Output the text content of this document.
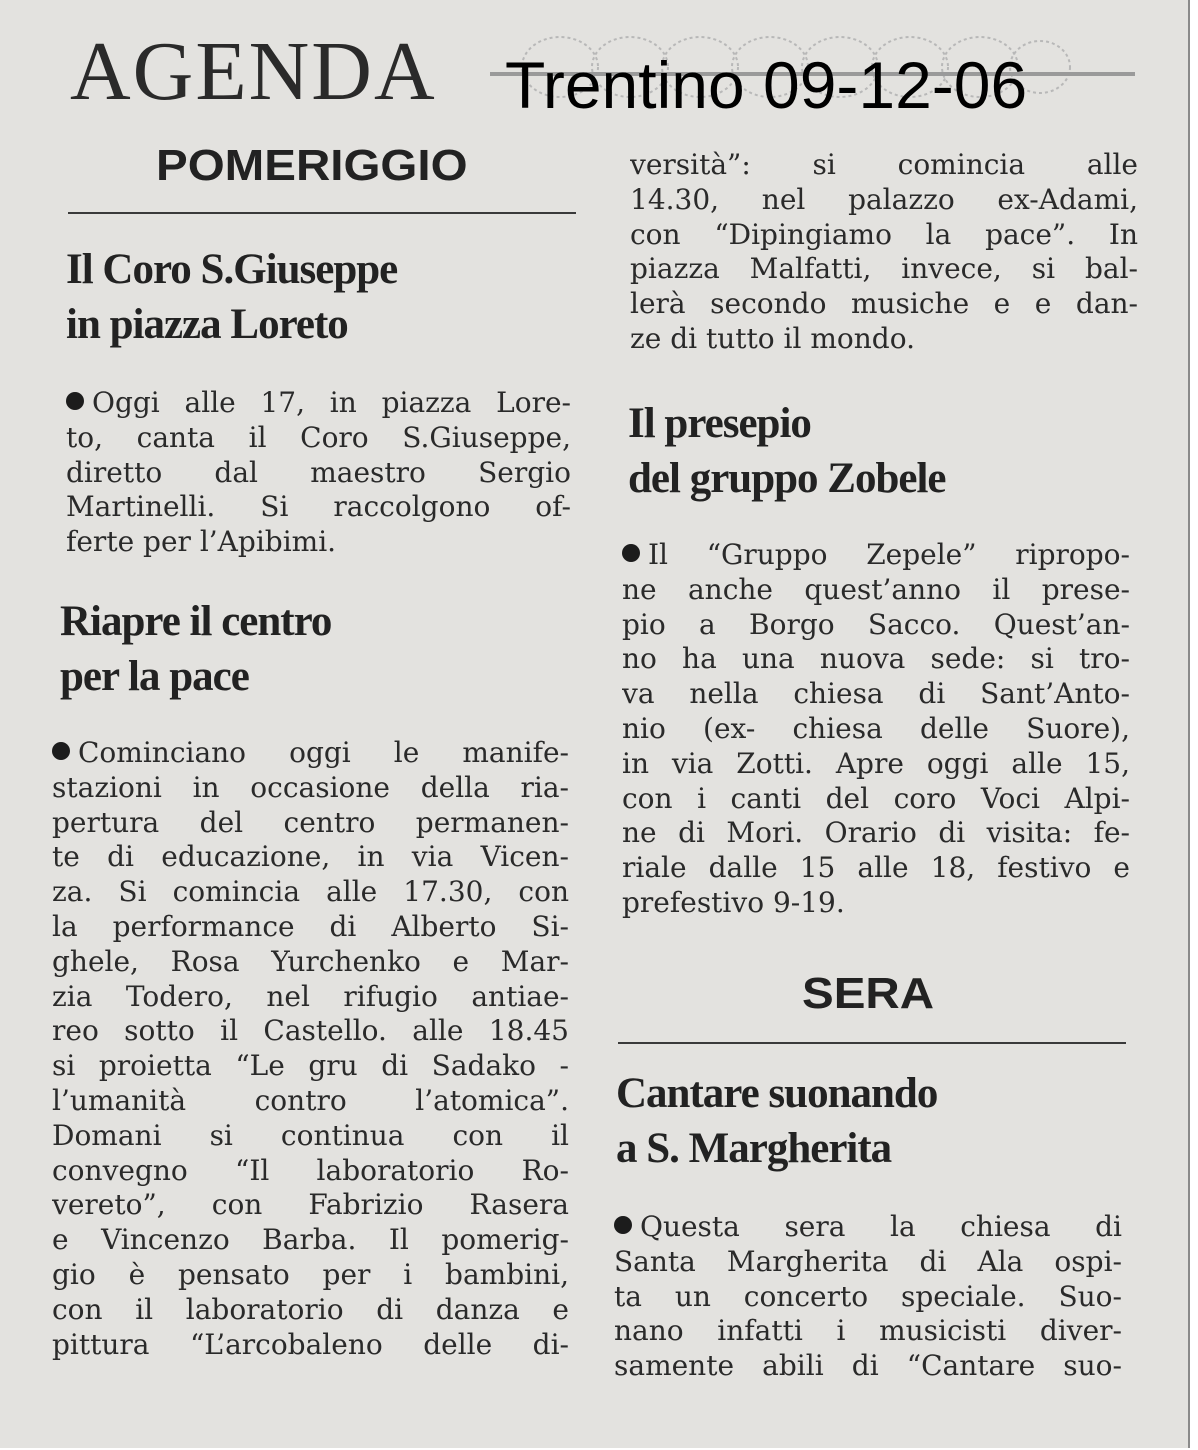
AGENDA Trentino 09-12-06
POMERIGGIO
Il Coro S.Giuseppe
in piazza Loreto
Oggi alle 17, in piazza Lore-
to, canta il Coro S.Giuseppe,
diretto dal maestro Sergio
Martinelli. Si raccolgono of-
ferte per l’Apibimi.
Riapre il centro
per la pace
Cominciano oggi le manife-
stazioni in occasione della ria-
pertura del centro permanen-
te di educazione, in via Vicen-
za. Si comincia alle 17.30, con
la performance di Alberto Si-
ghele, Rosa Yurchenko e Mar-
zia Todero, nel rifugio antiae-
reo sotto il Castello. alle 18.45
si proietta “Le gru di Sadako -
l’umanità contro l’atomica”.
Domani si continua con il
convegno “Il laboratorio Ro-
vereto”, con Fabrizio Rasera
e Vincenzo Barba. Il pomerig-
gio è pensato per i bambini,
con il laboratorio di danza e
pittura “L’arcobaleno delle di-
versità”: si comincia alle
14.30, nel palazzo ex-Adami,
con “Dipingiamo la pace”. In
piazza Malfatti, invece, si bal-
lerà secondo musiche e e dan-
ze di tutto il mondo.
Il presepio
del gruppo Zobele
Il “Gruppo Zepele” ripropo-
ne anche quest’anno il prese-
pio a Borgo Sacco. Quest’an-
no ha una nuova sede: si tro-
va nella chiesa di Sant’Anto-
nio (ex- chiesa delle Suore),
in via Zotti. Apre oggi alle 15,
con i canti del coro Voci Alpi-
ne di Mori. Orario di visita: fe-
riale dalle 15 alle 18, festivo e
prefestivo 9-19.
SERA
Cantare suonando
a S. Margherita
Questa sera la chiesa di
Santa Margherita di Ala ospi-
ta un concerto speciale. Suo-
nano infatti i musicisti diver-
samente abili di “Cantare suo-
